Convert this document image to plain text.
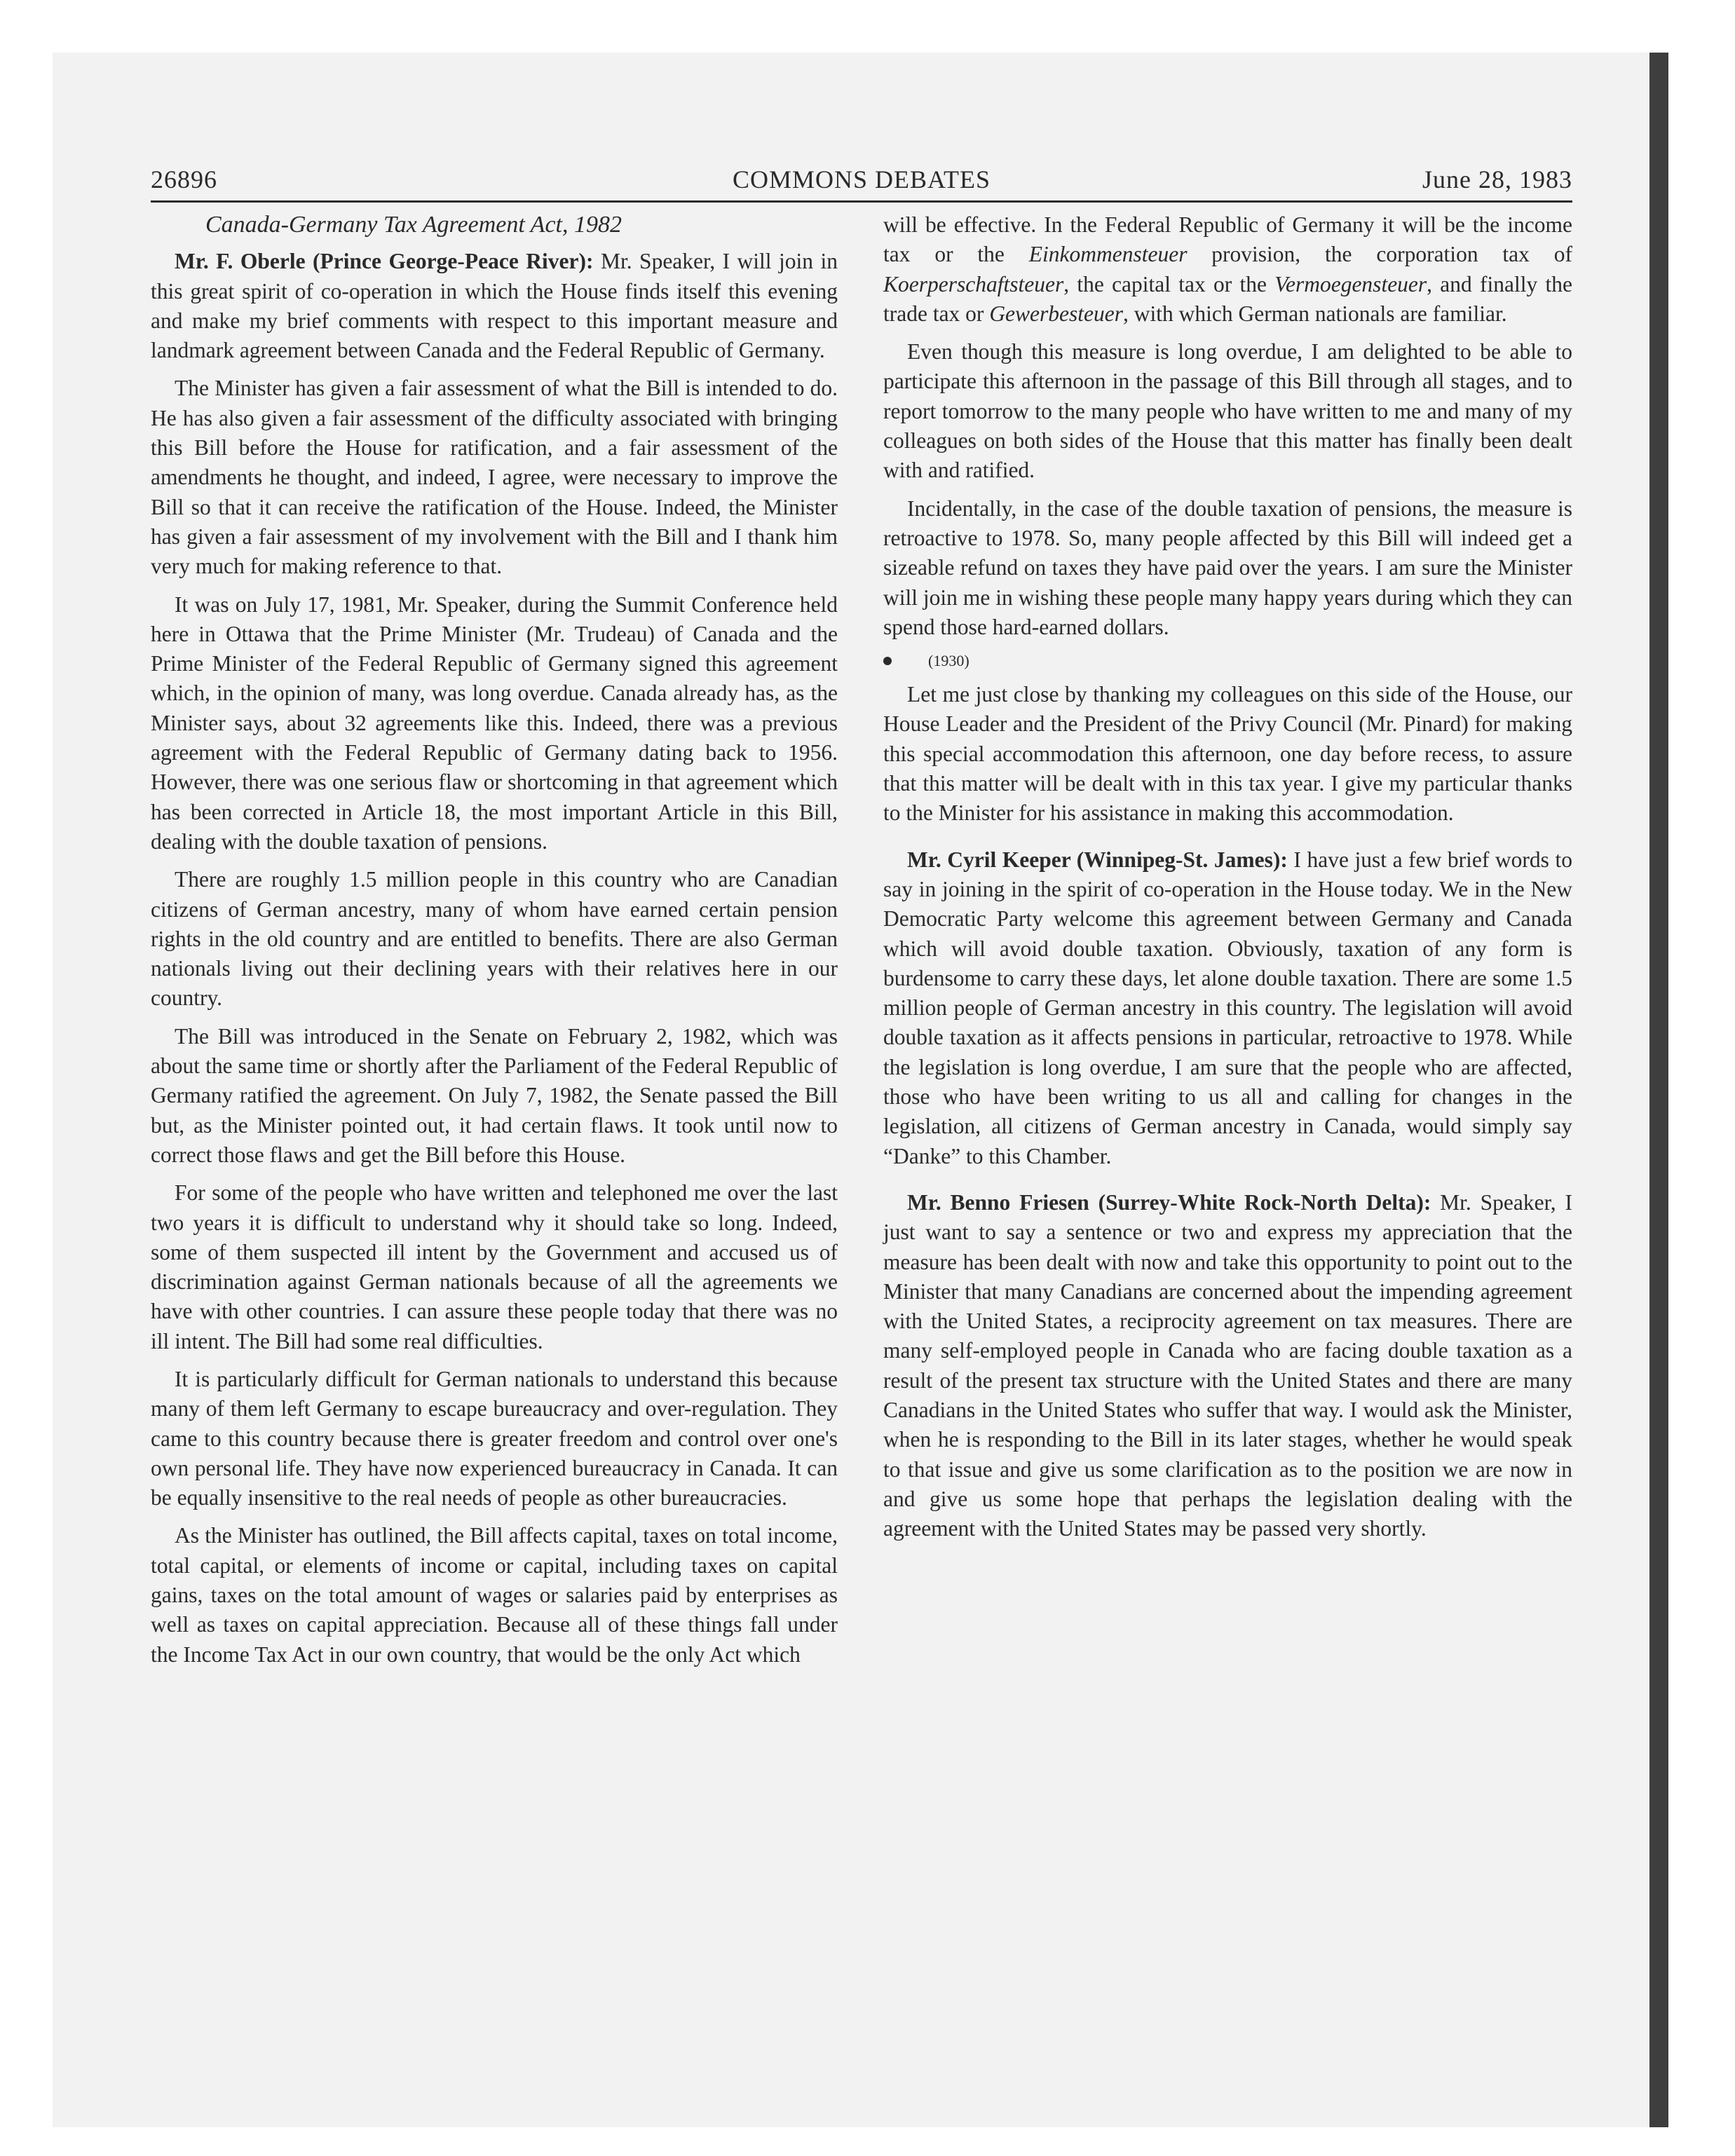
26896	COMMONS DEBATES	June 28, 1983

Canada-Germany Tax Agreement Act, 1982

Mr. F. Oberle (Prince George-Peace River): Mr. Speaker, I will join in this great spirit of co-operation in which the House finds itself this evening and make my brief comments with respect to this important measure and landmark agreement between Canada and the Federal Republic of Germany.

The Minister has given a fair assessment of what the Bill is intended to do. He has also given a fair assessment of the difficulty associated with bringing this Bill before the House for ratification, and a fair assessment of the amendments he thought, and indeed, I agree, were necessary to improve the Bill so that it can receive the ratification of the House. Indeed, the Minister has given a fair assessment of my involvement with the Bill and I thank him very much for making reference to that.

It was on July 17, 1981, Mr. Speaker, during the Summit Conference held here in Ottawa that the Prime Minister (Mr. Trudeau) of Canada and the Prime Minister of the Federal Republic of Germany signed this agreement which, in the opinion of many, was long overdue. Canada already has, as the Minister says, about 32 agreements like this. Indeed, there was a previous agreement with the Federal Republic of Germany dating back to 1956. However, there was one serious flaw or shortcoming in that agreement which has been corrected in Article 18, the most important Article in this Bill, dealing with the double taxation of pensions.

There are roughly 1.5 million people in this country who are Canadian citizens of German ancestry, many of whom have earned certain pension rights in the old country and are entitled to benefits. There are also German nationals living out their declining years with their relatives here in our country.

The Bill was introduced in the Senate on February 2, 1982, which was about the same time or shortly after the Parliament of the Federal Republic of Germany ratified the agreement. On July 7, 1982, the Senate passed the Bill but, as the Minister pointed out, it had certain flaws. It took until now to correct those flaws and get the Bill before this House.

For some of the people who have written and telephoned me over the last two years it is difficult to understand why it should take so long. Indeed, some of them suspected ill intent by the Government and accused us of discrimination against German nationals because of all the agreements we have with other countries. I can assure these people today that there was no ill intent. The Bill had some real difficulties.

It is particularly difficult for German nationals to understand this because many of them left Germany to escape bureaucracy and over-regulation. They came to this country because there is greater freedom and control over one's own personal life. They have now experienced bureaucracy in Canada. It can be equally insensitive to the real needs of people as other bureaucracies.

As the Minister has outlined, the Bill affects capital, taxes on total income, total capital, or elements of income or capital, including taxes on capital gains, taxes on the total amount of wages or salaries paid by enterprises as well as taxes on capital appreciation. Because all of these things fall under the Income Tax Act in our own country, that would be the only Act which

will be effective. In the Federal Republic of Germany it will be the income tax or the Einkommensteuer provision, the corporation tax of Koerperschaftsteuer, the capital tax or the Vermoegensteuer, and finally the trade tax or Gewerbesteuer, with which German nationals are familiar.

Even though this measure is long overdue, I am delighted to be able to participate this afternoon in the passage of this Bill through all stages, and to report tomorrow to the many people who have written to me and many of my colleagues on both sides of the House that this matter has finally been dealt with and ratified.

Incidentally, in the case of the double taxation of pensions, the measure is retroactive to 1978. So, many people affected by this Bill will indeed get a sizeable refund on taxes they have paid over the years. I am sure the Minister will join me in wishing these people many happy years during which they can spend those hard-earned dollars.

(1930)

Let me just close by thanking my colleagues on this side of the House, our House Leader and the President of the Privy Council (Mr. Pinard) for making this special accommodation this afternoon, one day before recess, to assure that this matter will be dealt with in this tax year. I give my particular thanks to the Minister for his assistance in making this accommodation.

Mr. Cyril Keeper (Winnipeg-St. James): I have just a few brief words to say in joining in the spirit of co-operation in the House today. We in the New Democratic Party welcome this agreement between Germany and Canada which will avoid double taxation. Obviously, taxation of any form is burdensome to carry these days, let alone double taxation. There are some 1.5 million people of German ancestry in this country. The legislation will avoid double taxation as it affects pensions in particular, retroactive to 1978. While the legislation is long overdue, I am sure that the people who are affected, those who have been writing to us all and calling for changes in the legislation, all citizens of German ancestry in Canada, would simply say “Danke” to this Chamber.

Mr. Benno Friesen (Surrey-White Rock-North Delta): Mr. Speaker, I just want to say a sentence or two and express my appreciation that the measure has been dealt with now and take this opportunity to point out to the Minister that many Canadians are concerned about the impending agreement with the United States, a reciprocity agreement on tax measures. There are many self-employed people in Canada who are facing double taxation as a result of the present tax structure with the United States and there are many Canadians in the United States who suffer that way. I would ask the Minister, when he is responding to the Bill in its later stages, whether he would speak to that issue and give us some clarification as to the position we are now in and give us some hope that perhaps the legislation dealing with the agreement with the United States may be passed very shortly.
